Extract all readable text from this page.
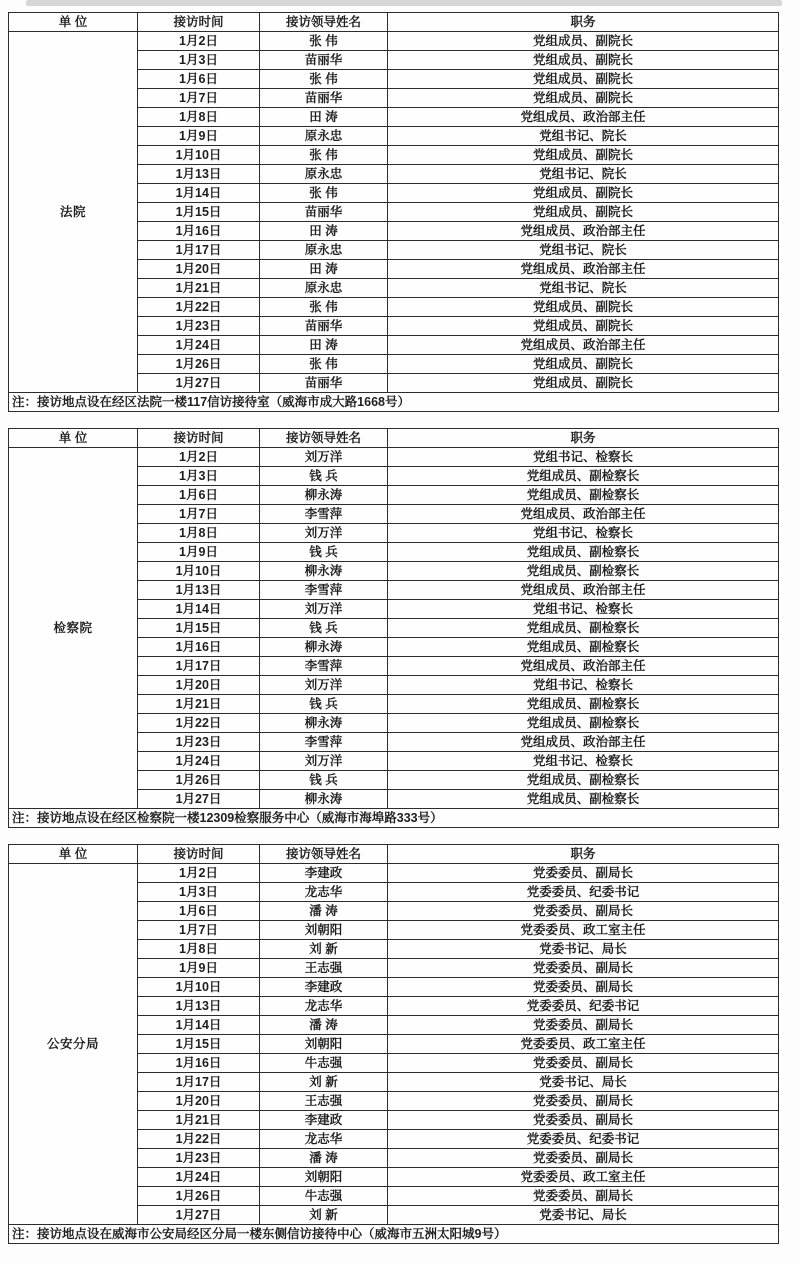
单 位	接访时间	接访领导姓名	职务
法院	1月2日	张 伟	党组成员、副院长
	1月3日	苗丽华	党组成员、副院长
	1月6日	张 伟	党组成员、副院长
	1月7日	苗丽华	党组成员、副院长
	1月8日	田 涛	党组成员、政治部主任
	1月9日	原永忠	党组书记、院长
	1月10日	张 伟	党组成员、副院长
	1月13日	原永忠	党组书记、院长
	1月14日	张 伟	党组成员、副院长
	1月15日	苗丽华	党组成员、副院长
	1月16日	田 涛	党组成员、政治部主任
	1月17日	原永忠	党组书记、院长
	1月20日	田 涛	党组成员、政治部主任
	1月21日	原永忠	党组书记、院长
	1月22日	张 伟	党组成员、副院长
	1月23日	苗丽华	党组成员、副院长
	1月24日	田 涛	党组成员、政治部主任
	1月26日	张 伟	党组成员、副院长
	1月27日	苗丽华	党组成员、副院长
注：接访地点设在经区法院一楼117信访接待室（威海市成大路1668号）			
单 位	接访时间	接访领导姓名	职务
检察院	1月2日	刘万洋	党组书记、检察长
	1月3日	钱 兵	党组成员、副检察长
	1月6日	柳永涛	党组成员、副检察长
	1月7日	李雪萍	党组成员、政治部主任
	1月8日	刘万洋	党组书记、检察长
	1月9日	钱 兵	党组成员、副检察长
	1月10日	柳永涛	党组成员、副检察长
	1月13日	李雪萍	党组成员、政治部主任
	1月14日	刘万洋	党组书记、检察长
	1月15日	钱 兵	党组成员、副检察长
	1月16日	柳永涛	党组成员、副检察长
	1月17日	李雪萍	党组成员、政治部主任
	1月20日	刘万洋	党组书记、检察长
	1月21日	钱 兵	党组成员、副检察长
	1月22日	柳永涛	党组成员、副检察长
	1月23日	李雪萍	党组成员、政治部主任
	1月24日	刘万洋	党组书记、检察长
	1月26日	钱 兵	党组成员、副检察长
	1月27日	柳永涛	党组成员、副检察长
注：接访地点设在经区检察院一楼12309检察服务中心（威海市海埠路333号）			
单 位	接访时间	接访领导姓名	职务
公安分局	1月2日	李建政	党委委员、副局长
	1月3日	龙志华	党委委员、纪委书记
	1月6日	潘 涛	党委委员、副局长
	1月7日	刘朝阳	党委委员、政工室主任
	1月8日	刘 新	党委书记、局长
	1月9日	王志强	党委委员、副局长
	1月10日	李建政	党委委员、副局长
	1月13日	龙志华	党委委员、纪委书记
	1月14日	潘 涛	党委委员、副局长
	1月15日	刘朝阳	党委委员、政工室主任
	1月16日	牛志强	党委委员、副局长
	1月17日	刘 新	党委书记、局长
	1月20日	王志强	党委委员、副局长
	1月21日	李建政	党委委员、副局长
	1月22日	龙志华	党委委员、纪委书记
	1月23日	潘 涛	党委委员、副局长
	1月24日	刘朝阳	党委委员、政工室主任
	1月26日	牛志强	党委委员、副局长
	1月27日	刘 新	党委书记、局长
注：接访地点设在威海市公安局经区分局一楼东侧信访接待中心（威海市五洲太阳城9号）			
